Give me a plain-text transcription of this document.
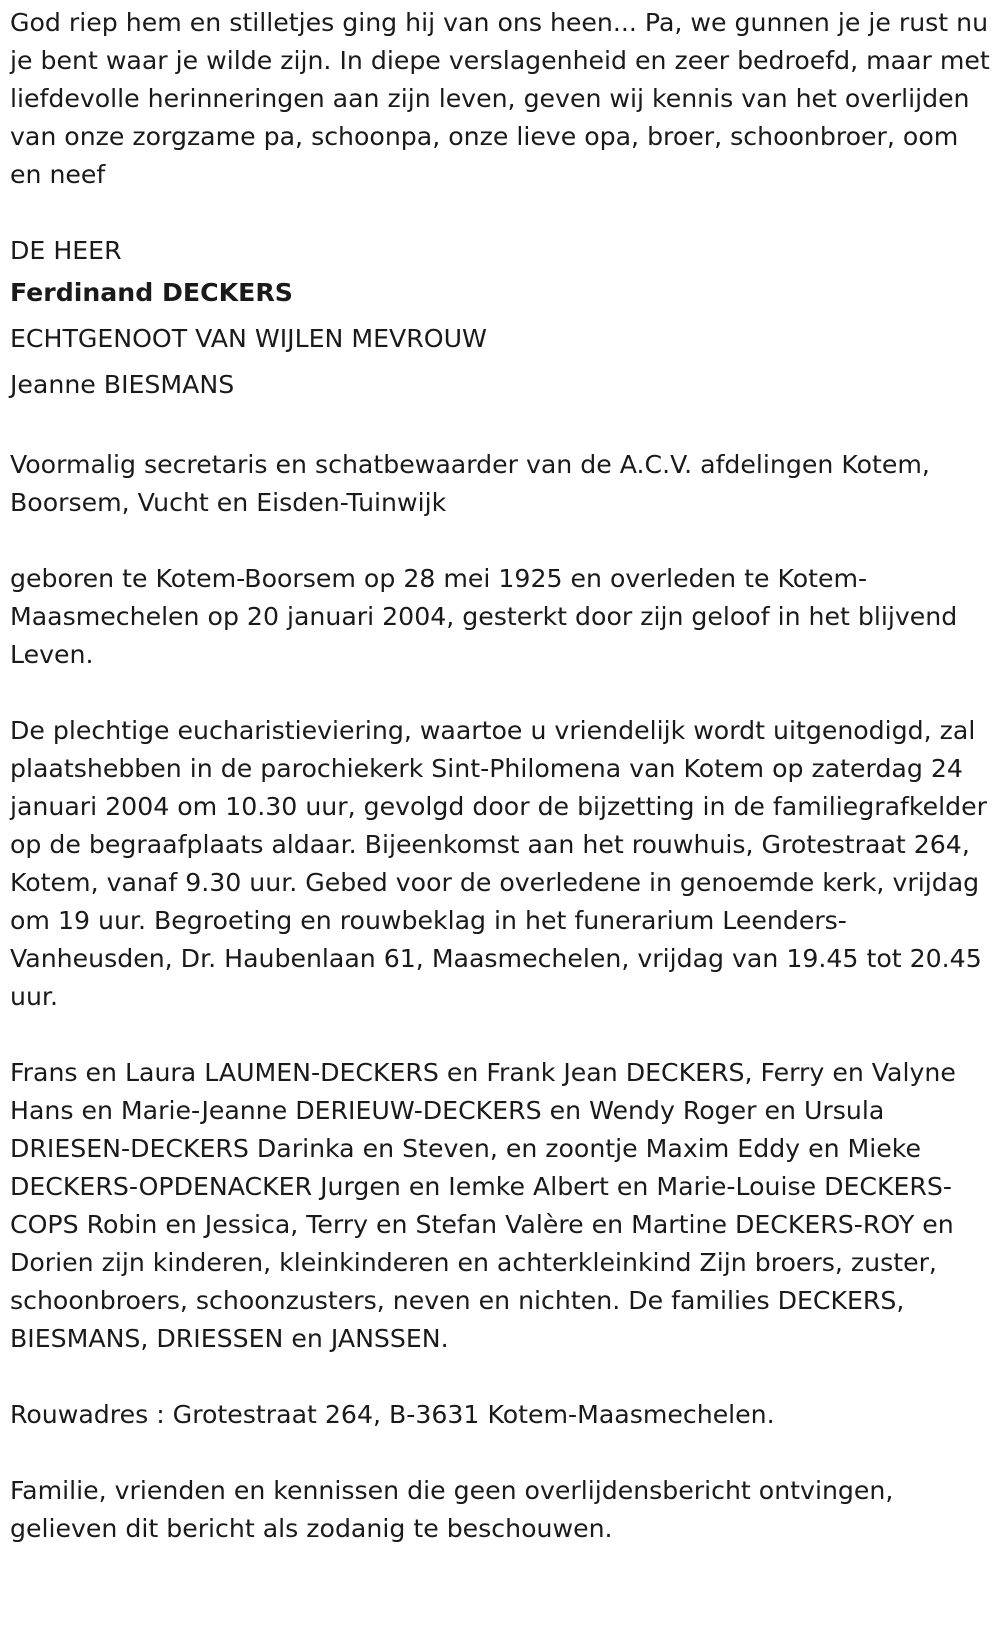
God riep hem en stilletjes ging hij van ons heen... Pa, we gunnen je je rust nu je bent waar je wilde zijn. In diepe verslagenheid en zeer bedroefd, maar met liefdevolle herinneringen aan zijn leven, geven wij kennis van het overlijden van onze zorgzame pa, schoonpa, onze lieve opa, broer, schoonbroer, oom en neef

DE HEER

Ferdinand DECKERS

ECHTGENOOT VAN WIJLEN MEVROUW

Jeanne BIESMANS

Voormalig secretaris en schatbewaarder van de A.C.V. afdelingen Kotem, Boorsem, Vucht en Eisden-Tuinwijk

geboren te Kotem-Boorsem op 28 mei 1925 en overleden te Kotem-Maasmechelen op 20 januari 2004, gesterkt door zijn geloof in het blijvend Leven.

De plechtige eucharistieviering, waartoe u vriendelijk wordt uitgenodigd, zal plaatshebben in de parochiekerk Sint-Philomena van Kotem op zaterdag 24 januari 2004 om 10.30 uur, gevolgd door de bijzetting in de familiegrafkelder op de begraafplaats aldaar. Bijeenkomst aan het rouwhuis, Grotestraat 264, Kotem, vanaf 9.30 uur. Gebed voor de overledene in genoemde kerk, vrijdag om 19 uur. Begroeting en rouwbeklag in het funerarium Leenders-Vanheusden, Dr. Haubenlaan 61, Maasmechelen, vrijdag van 19.45 tot 20.45 uur.

Frans en Laura LAUMEN-DECKERS en Frank Jean DECKERS, Ferry en Valyne Hans en Marie-Jeanne DERIEUW-DECKERS en Wendy Roger en Ursula DRIESEN-DECKERS Darinka en Steven, en zoontje Maxim Eddy en Mieke DECKERS-OPDENACKER Jurgen en Iemke Albert en Marie-Louise DECKERS-COPS Robin en Jessica, Terry en Stefan Valère en Martine DECKERS-ROY en Dorien zijn kinderen, kleinkinderen en achterkleinkind Zijn broers, zuster, schoonbroers, schoonzusters, neven en nichten. De families DECKERS, BIESMANS, DRIESSEN en JANSSEN.

Rouwadres : Grotestraat 264, B-3631 Kotem-Maasmechelen.

Familie, vrienden en kennissen die geen overlijdensbericht ontvingen, gelieven dit bericht als zodanig te beschouwen.
